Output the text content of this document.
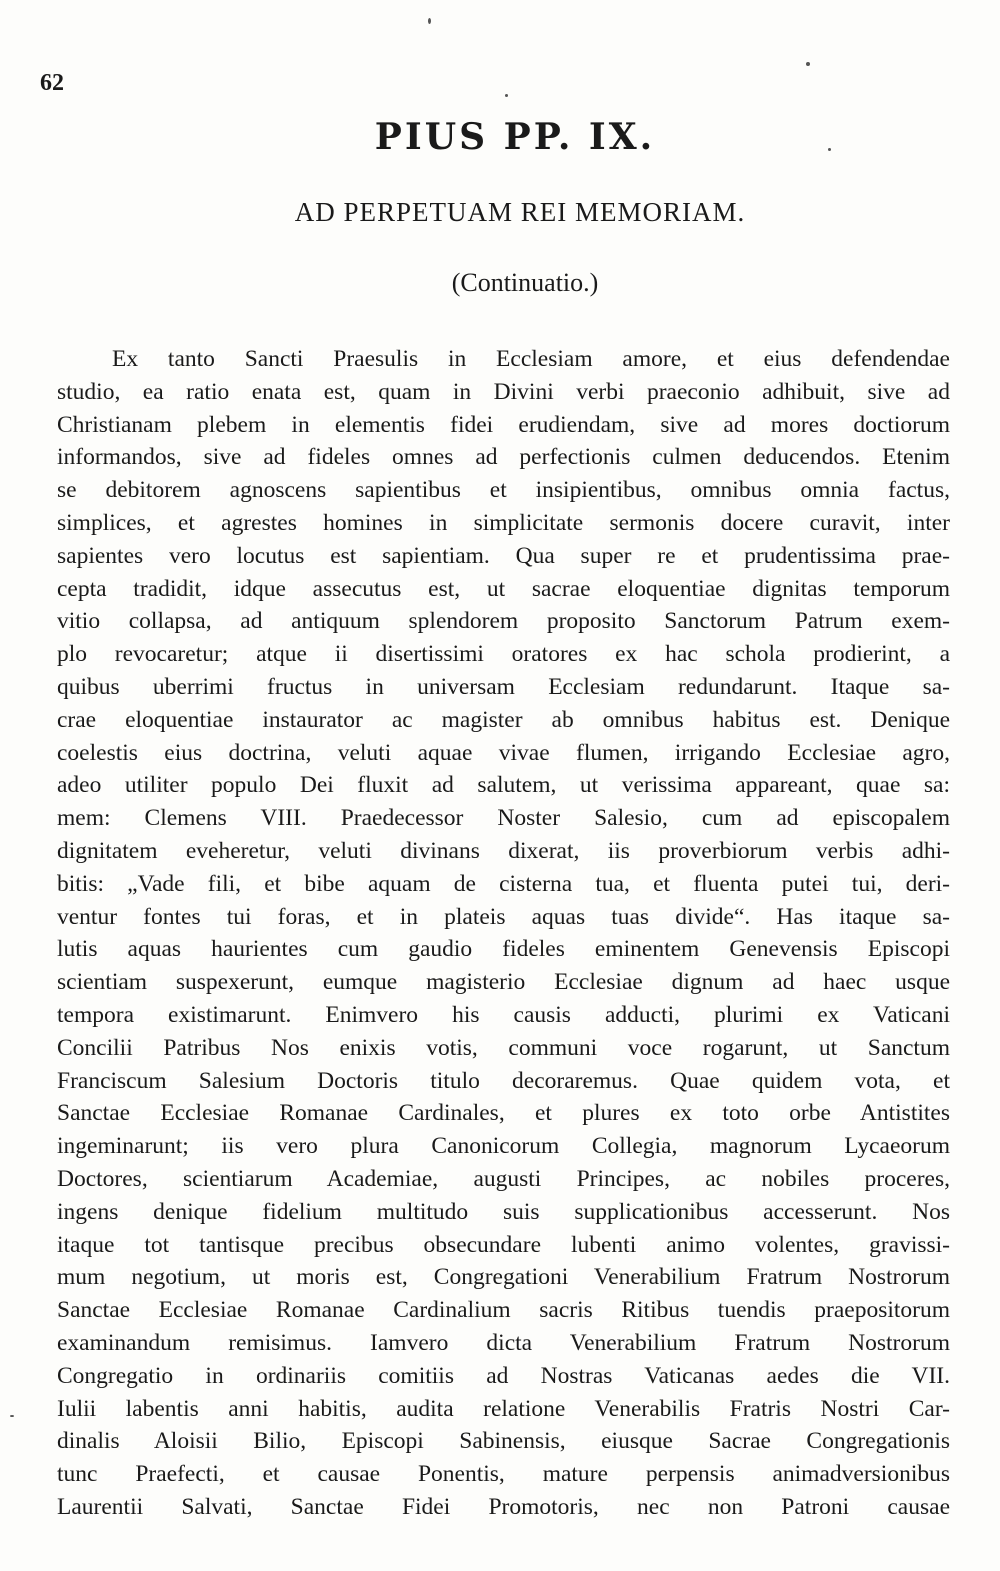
62
PIUS PP. IX.
AD PERPETUAM REI MEMORIAM.
(Continuatio.)
Ex tanto Sancti Praesulis in Ecclesiam amore, et eius defendendae
studio, ea ratio enata est, quam in Divini verbi praeconio adhibuit, sive ad
Christianam plebem in elementis fidei erudiendam, sive ad mores doctiorum
informandos, sive ad fideles omnes ad perfectionis culmen deducendos. Etenim
se debitorem agnoscens sapientibus et insipientibus, omnibus omnia factus,
simplices, et agrestes homines in simplicitate sermonis docere curavit, inter
sapientes vero locutus est sapientiam. Qua super re et prudentissima prae-
cepta tradidit, idque assecutus est, ut sacrae eloquentiae dignitas temporum
vitio collapsa, ad antiquum splendorem proposito Sanctorum Patrum exem-
plo revocaretur; atque ii disertissimi oratores ex hac schola prodierint, a
quibus uberrimi fructus in universam Ecclesiam redundarunt. Itaque sa-
crae eloquentiae instaurator ac magister ab omnibus habitus est. Denique
coelestis eius doctrina, veluti aquae vivae flumen, irrigando Ecclesiae agro,
adeo utiliter populo Dei fluxit ad salutem, ut verissima appareant, quae sa:
mem: Clemens VIII. Praedecessor Noster Salesio, cum ad episcopalem
dignitatem eveheretur, veluti divinans dixerat, iis proverbiorum verbis adhi-
bitis: „Vade fili, et bibe aquam de cisterna tua, et fluenta putei tui, deri-
ventur fontes tui foras, et in plateis aquas tuas divide“. Has itaque sa-
lutis aquas haurientes cum gaudio fideles eminentem Genevensis Episcopi
scientiam suspexerunt, eumque magisterio Ecclesiae dignum ad haec usque
tempora existimarunt. Enimvero his causis adducti, plurimi ex Vaticani
Concilii Patribus Nos enixis votis, communi voce rogarunt, ut Sanctum
Franciscum Salesium Doctoris titulo decoraremus. Quae quidem vota, et
Sanctae Ecclesiae Romanae Cardinales, et plures ex toto orbe Antistites
ingeminarunt; iis vero plura Canonicorum Collegia, magnorum Lycaeorum
Doctores, scientiarum Academiae, augusti Principes, ac nobiles proceres,
ingens denique fidelium multitudo suis supplicationibus accesserunt. Nos
itaque tot tantisque precibus obsecundare lubenti animo volentes, gravissi-
mum negotium, ut moris est, Congregationi Venerabilium Fratrum Nostrorum
Sanctae Ecclesiae Romanae Cardinalium sacris Ritibus tuendis praepositorum
examinandum remisimus. Iamvero dicta Venerabilium Fratrum Nostrorum
Congregatio in ordinariis comitiis ad Nostras Vaticanas aedes die VII.
Iulii labentis anni habitis, audita relatione Venerabilis Fratris Nostri Car-
dinalis Aloisii Bilio, Episcopi Sabinensis, eiusque Sacrae Congregationis
tunc Praefecti, et causae Ponentis, mature perpensis animadversionibus
Laurentii Salvati, Sanctae Fidei Promotoris, nec non Patroni causae
